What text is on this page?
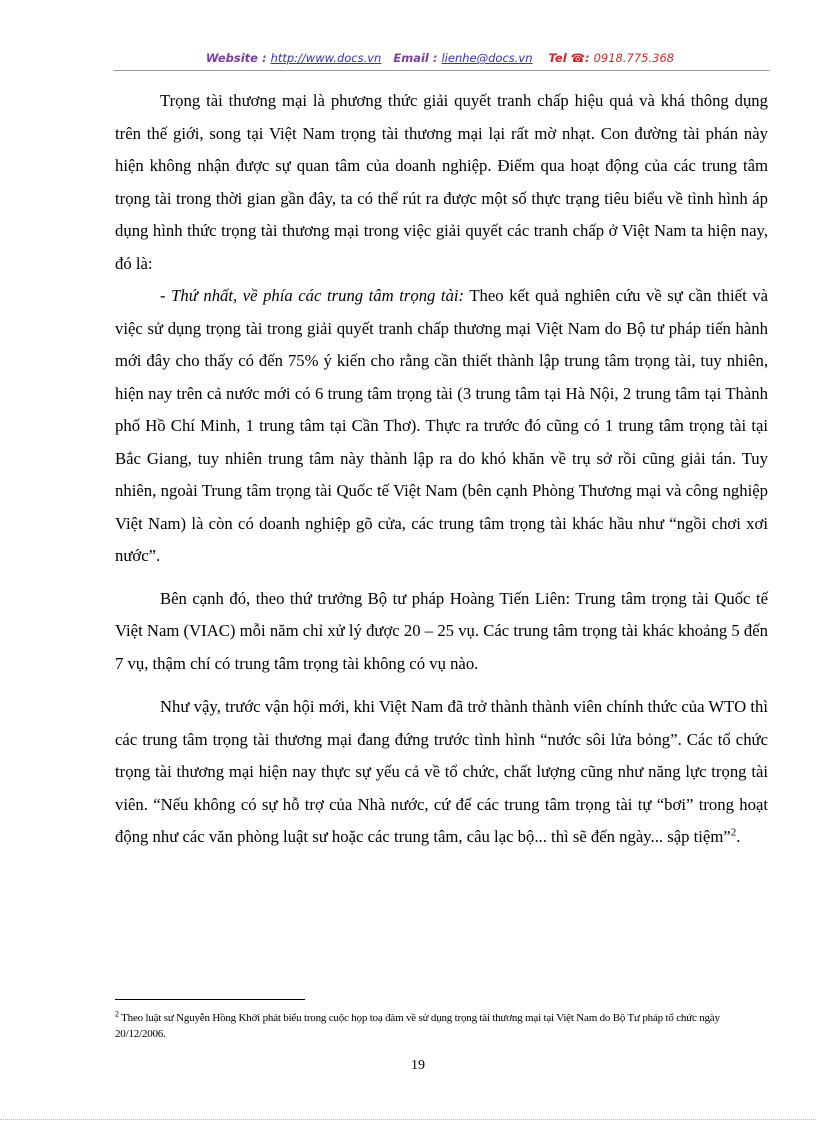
Website : http://www.docs.vn Email : lienhe@docs.vn Tel ☎: 0918.775.368

Trọng tài thương mại là phương thức giải quyết tranh chấp hiệu quả và khá thông dụng trên thế giới, song tại Việt Nam trọng tài thương mại lại rất mờ nhạt. Con đường tài phán này hiện không nhận được sự quan tâm của doanh nghiệp. Điểm qua hoạt động của các trung tâm trọng tài trong thời gian gần đây, ta có thể rút ra được một số thực trạng tiêu biểu về tình hình áp dụng hình thức trọng tài thương mại trong việc giải quyết các tranh chấp ở Việt Nam ta hiện nay, đó là:

- Thứ nhất, về phía các trung tâm trọng tài: Theo kết quả nghiên cứu về sự cần thiết và việc sử dụng trọng tài trong giải quyết tranh chấp thương mại Việt Nam do Bộ tư pháp tiến hành mới đây cho thấy có đến 75% ý kiến cho rằng cần thiết thành lập trung tâm trọng tài, tuy nhiên, hiện nay trên cả nước mới có 6 trung tâm trọng tài (3 trung tâm tại Hà Nội, 2 trung tâm tại Thành phố Hồ Chí Minh, 1 trung tâm tại Cần Thơ). Thực ra trước đó cũng có 1 trung tâm trọng tài tại Bắc Giang, tuy nhiên trung tâm này thành lập ra do khó khăn về trụ sở rồi cũng giải tán. Tuy nhiên, ngoài Trung tâm trọng tài Quốc tế Việt Nam (bên cạnh Phòng Thương mại và công nghiệp Việt Nam) là còn có doanh nghiệp gõ cửa, các trung tâm trọng tài khác hầu như “ngồi chơi xơi nước”.

Bên cạnh đó, theo thứ trưởng Bộ tư pháp Hoàng Tiến Liên: Trung tâm trọng tài Quốc tế Việt Nam (VIAC) mỗi năm chỉ xử lý được 20 – 25 vụ. Các trung tâm trọng tài khác khoảng 5 đến 7 vụ, thậm chí có trung tâm trọng tài không có vụ nào.

Như vậy, trước vận hội mới, khi Việt Nam đã trở thành thành viên chính thức của WTO thì các trung tâm trọng tài thương mại đang đứng trước tình hình “nước sôi lửa bỏng”. Các tổ chức trọng tài thương mại hiện nay thực sự yếu cả về tổ chức, chất lượng cũng như năng lực trọng tài viên. “Nếu không có sự hỗ trợ của Nhà nước, cứ để các trung tâm trọng tài tự “bơi” trong hoạt động như các văn phòng luật sư hoặc các trung tâm, câu lạc bộ... thì sẽ đến ngày... sập tiệm”$^2$.

$^2$ Theo luật sư Nguyễn Hồng Khởi phát biểu trong cuộc họp toạ đàm về sử dụng trọng tài thương mại tại Việt Nam do Bộ Tư pháp tổ chức ngày 20/12/2006.
19
